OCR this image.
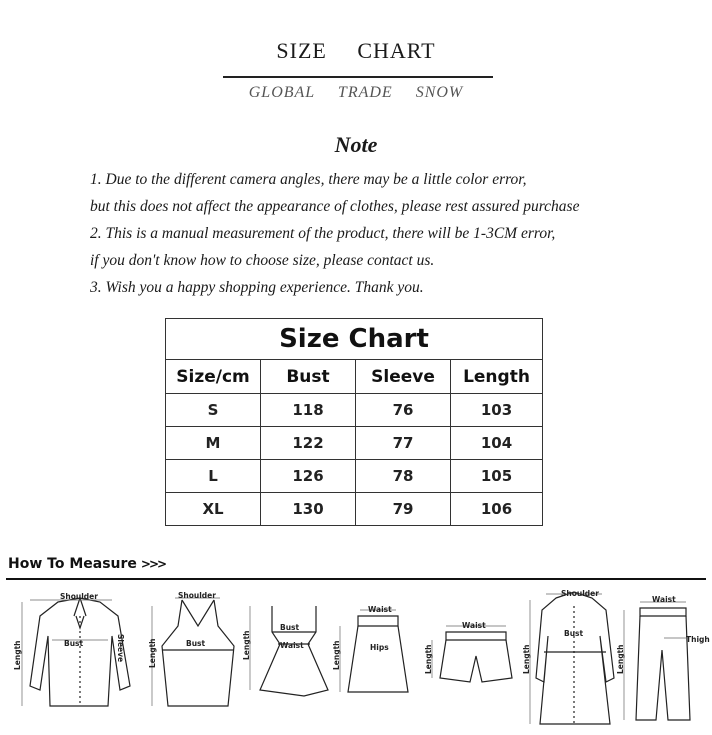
SIZE CHART
GLOBAL TRADE SNOW
Note
1. Due to the different camera angles, there may be a little color error,
but this does not affect the appearance of clothes, please rest assured purchase
2. This is a manual measurement of the product, there will be 1-3CM error,
if you don't know how to choose size, please contact us.
3. Wish you a happy shopping experience. Thank you.
Size Chart			
Size/cm	Bust	Sleeve	Length
S	118	76	103
M	122	77	104
L	126	78	105
XL	130	79	106
How To Measure >>>
Shoulder
Bust	Sleeve
Length
Shoulder
Bust
Length
Bust
Waist
Length
Waist
Hips
Length
Waist
Length
Shoulder
Bust
Length
Waist
Thigh
Length
